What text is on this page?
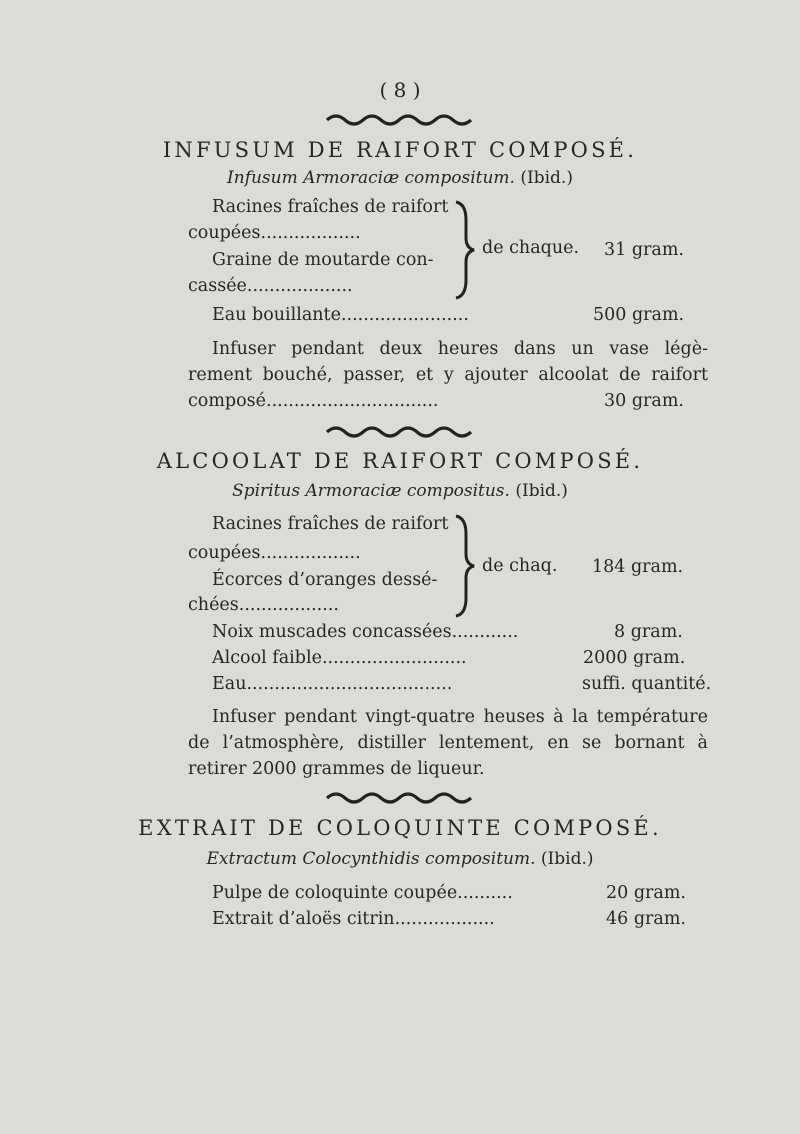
( 8 )
INFUSUM DE RAIFORT COMPOSÉ.
Infusum Armoraciæ compositum. (Ibid.)
Racines fraîches de raifort
coupées..................
Graine de moutarde con-
cassée...................
de chaque. 31 gram.
Eau bouillante.......................	500 gram.
Infuser pendant deux heures dans un vase légè-
rement bouché, passer, et y ajouter alcoolat de raifort
composé...............................	30 gram.
ALCOOLAT DE RAIFORT COMPOSÉ.
Spiritus Armoraciæ compositus. (Ibid.)
Racines fraîches de raifort
coupées..................
Écorces d’oranges dessé-
chées..................
de chaq. 184 gram.
Noix muscades concassées............	8 gram.
Alcool faible..........................	2000 gram.
Eau.....................................	suffi. quantité.
Infuser pendant vingt-quatre heuses à la température
de l’atmosphère, distiller lentement, en se bornant à
retirer 2000 grammes de liqueur.
EXTRAIT DE COLOQUINTE COMPOSÉ.
Extractum Colocynthidis compositum. (Ibid.)
Pulpe de coloquinte coupée..........	20 gram.
Extrait d’aloës citrin..................	46 gram.
